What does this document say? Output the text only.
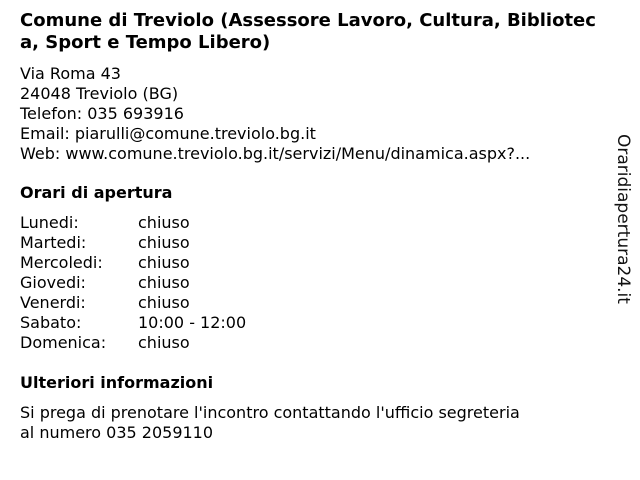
Comune di Treviolo (Assessore Lavoro, Cultura, Biblioteca, Sport e Tempo Libero)
Via Roma 43
24048 Treviolo (BG)
Telefon: 035 693916
Email: piarulli@comune.treviolo.bg.it
Web: www.comune.treviolo.bg.it/servizi/Menu/dinamica.aspx?...
Orari di apertura
Lunedi:	chiuso
Martedi:	chiuso
Mercoledi: chiuso
Giovedi:	chiuso
Venerdi:	chiuso
Sabato:	10:00 - 12:00
Domenica: chiuso
Ulteriori informazioni
Si prega di prenotare l'incontro contattando l'ufficio segreteria al numero 035 2059110
Oraridiapertura24.it
